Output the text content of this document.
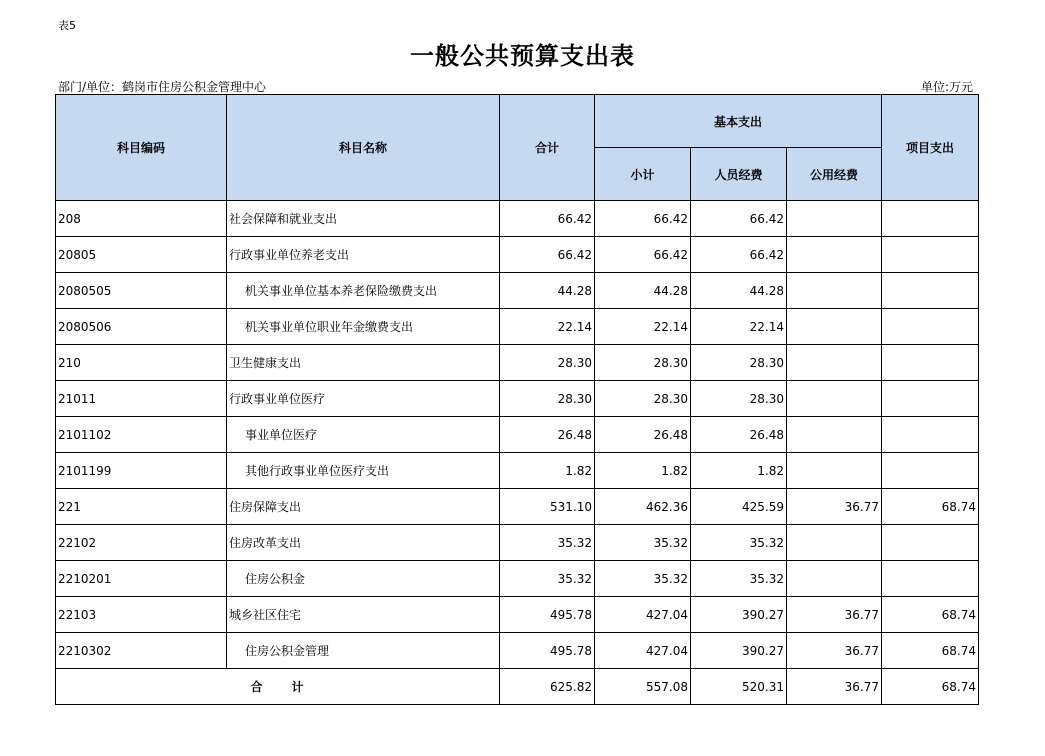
表5
一般公共预算支出表
部门/单位：鹤岗市住房公积金管理中心	单位:万元
科目编码	科目名称	合计	基本支出			项目支出
			小计	人员经费	公用经费	
208	社会保障和就业支出	66.42	66.42	66.42		
20805	行政事业单位养老支出	66.42	66.42	66.42		
2080505	机关事业单位基本养老保险缴费支出	44.28	44.28	44.28		
2080506	机关事业单位职业年金缴费支出	22.14	22.14	22.14		
210	卫生健康支出	28.30	28.30	28.30		
21011	行政事业单位医疗	28.30	28.30	28.30		
2101102	事业单位医疗	26.48	26.48	26.48		
2101199	其他行政事业单位医疗支出	1.82	1.82	1.82		
221	住房保障支出	531.10	462.36	425.59	36.77	68.74
22102	住房改革支出	35.32	35.32	35.32		
2210201	住房公积金	35.32	35.32	35.32		
22103	城乡社区住宅	495.78	427.04	390.27	36.77	68.74
2210302	住房公积金管理	495.78	427.04	390.27	36.77	68.74
合 计		625.82	557.08	520.31	36.77	68.74
